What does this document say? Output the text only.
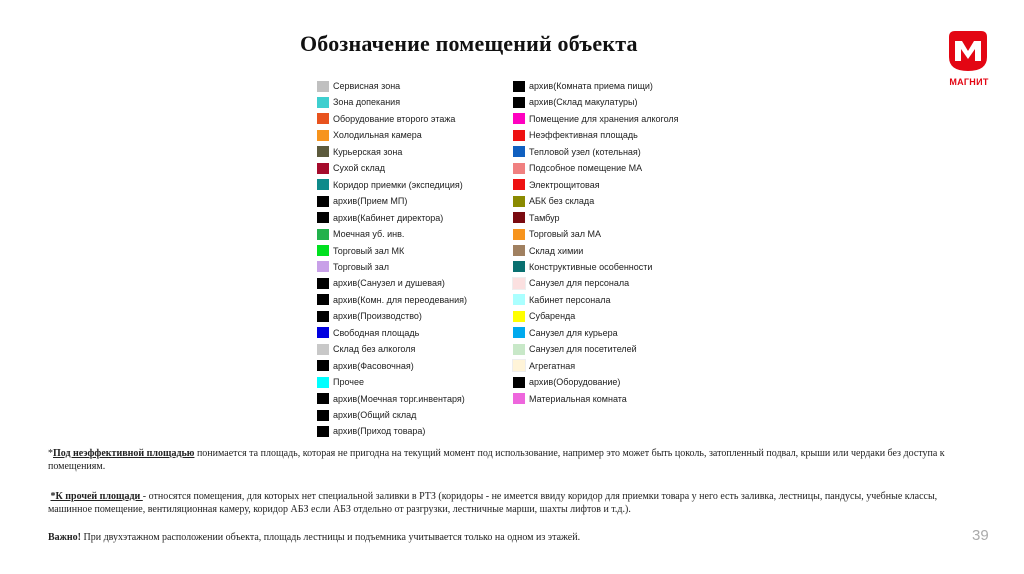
Обозначение помещений объекта
МАГНИТ
Сервисная зона
Зона допекания
Оборудование второго этажа
Холодильная камера
Курьерская зона
Сухой склад
Коридор приемки (экспедиция)
архив(Прием МП)
архив(Кабинет директора)
Моечная уб. инв.
Торговый зал МК
Торговый зал
архив(Санузел и душевая)
архив(Комн. для переодевания)
архив(Производство)
Свободная площадь
Склад без алкоголя
архив(Фасовочная)
Прочее
архив(Моечная торг.инвентаря)
архив(Общий склад
архив(Приход товара)
архив(Комната приема пищи)
архив(Склад макулатуры)
Помещение для хранения алкоголя
Неэффективная площадь
Тепловой узел (котельная)
Подсобное помещение МА
Электрощитовая
АБК без склада
Тамбур
Торговый зал МА
Склад химии
Конструктивные особенности
Санузел для персонала
Кабинет персонала
Субаренда
Санузел для курьера
Санузел для посетителей
Агрегатная
архив(Оборудование)
Материальная комната
*Под неэффективной площадью понимается та площадь, которая не пригодна на текущий момент под использование, например это может быть цоколь, затопленный подвал, крыши или чердаки без доступа к помещениям.
*К прочей площади - относятся помещения, для которых нет специальной заливки в РТЗ (коридоры - не имеется ввиду коридор для приемки товара у него есть заливка, лестницы, пандусы, учебные классы, машинное помещение, вентиляционная камеру, коридор АБЗ если АБЗ отдельно от разгрузки, лестничные марши, шахты лифтов и т.д.).
Важно! При двухэтажном расположении объекта, площадь лестницы и подъемника учитывается только на одном из этажей.	39
